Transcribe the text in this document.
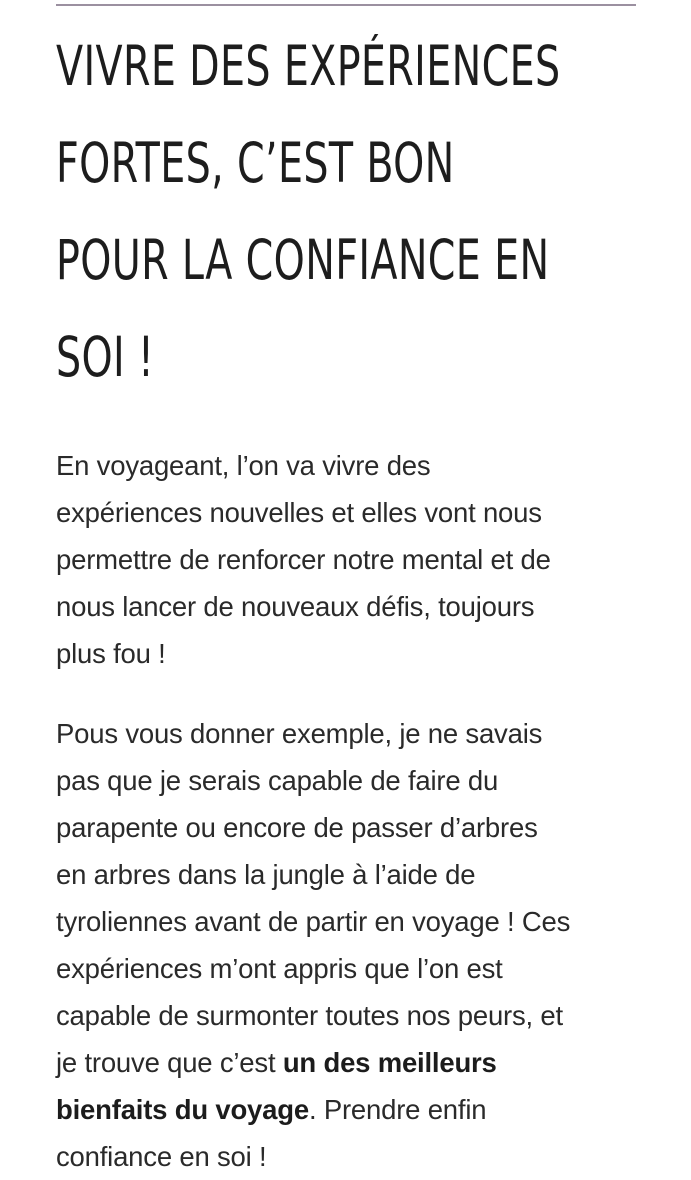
VIVRE DES EXPÉRIENCES
FORTES, C’EST BON
POUR LA CONFIANCE EN
SOI !

En voyageant, l’on va vivre des
expériences nouvelles et elles vont nous
permettre de renforcer notre mental et de
nous lancer de nouveaux défis, toujours
plus fou !

Pous vous donner exemple, je ne savais
pas que je serais capable de faire du
parapente ou encore de passer d’arbres
en arbres dans la jungle à l’aide de
tyroliennes avant de partir en voyage ! Ces
expériences m’ont appris que l’on est
capable de surmonter toutes nos peurs, et
je trouve que c’est un des meilleurs
bienfaits du voyage. Prendre enfin
confiance en soi !
